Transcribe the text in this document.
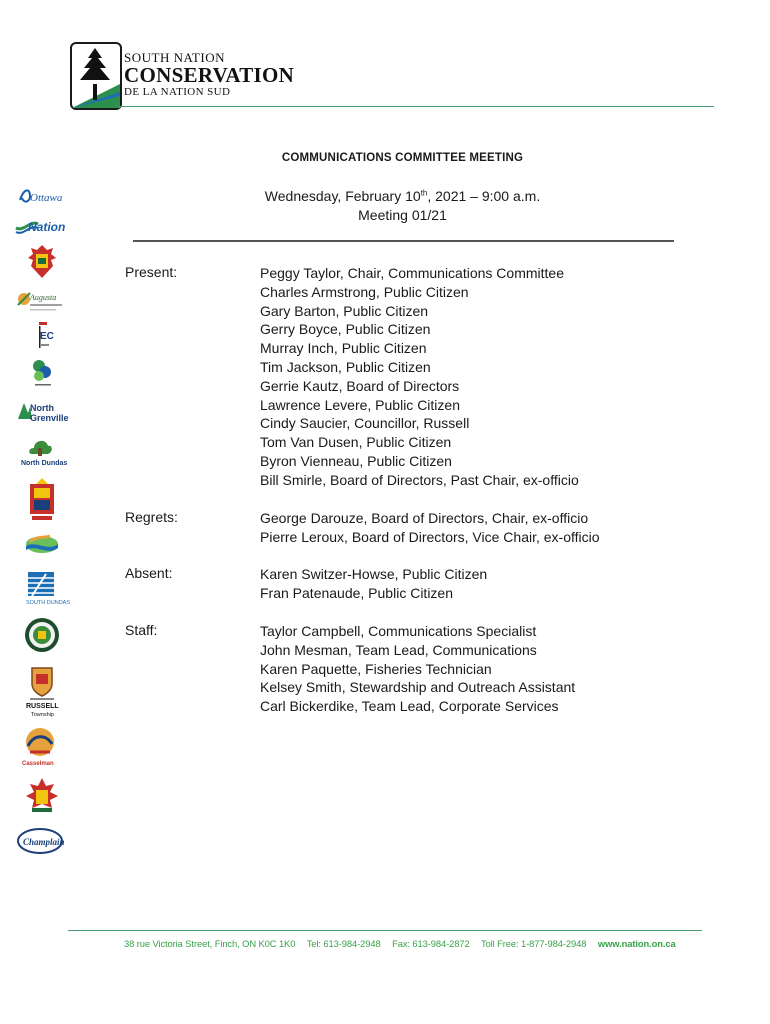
SOUTH NATION
CONSERVATION
DE LA NATION SUD
COMMUNICATIONS COMMITTEE MEETING
Wednesday, February 10th, 2021 – 9:00 a.m.
Meeting 01/21
Present:	Peggy Taylor, Chair, Communications Committee
Charles Armstrong, Public Citizen
Gary Barton, Public Citizen
Gerry Boyce, Public Citizen
Murray Inch, Public Citizen
Tim Jackson, Public Citizen
Gerrie Kautz, Board of Directors
Lawrence Levere, Public Citizen
Cindy Saucier, Councillor, Russell
Tom Van Dusen, Public Citizen
Byron Vienneau, Public Citizen
Bill Smirle, Board of Directors, Past Chair, ex-officio
Regrets:	George Darouze, Board of Directors, Chair, ex-officio
Pierre Leroux, Board of Directors, Vice Chair, ex-officio
Absent:	Karen Switzer-Howse, Public Citizen
Fran Patenaude, Public Citizen
Staff:	Taylor Campbell, Communications Specialist
John Mesman, Team Lead, Communications
Karen Paquette, Fisheries Technician
Kelsey Smith, Stewardship and Outreach Assistant
Carl Bickerdike, Team Lead, Corporate Services
Ottawa
Nation
Augusta
EC
North
Grenville
North Dundas
SOUTH DUNDAS
RUSSELL
Township
Casselman
Champlain
38 rue Victoria Street, Finch, ON K0C 1K0 Tel: 613-984-2948 Fax: 613-984-2872 Toll Free: 1-877-984-2948 www.nation.on.ca
